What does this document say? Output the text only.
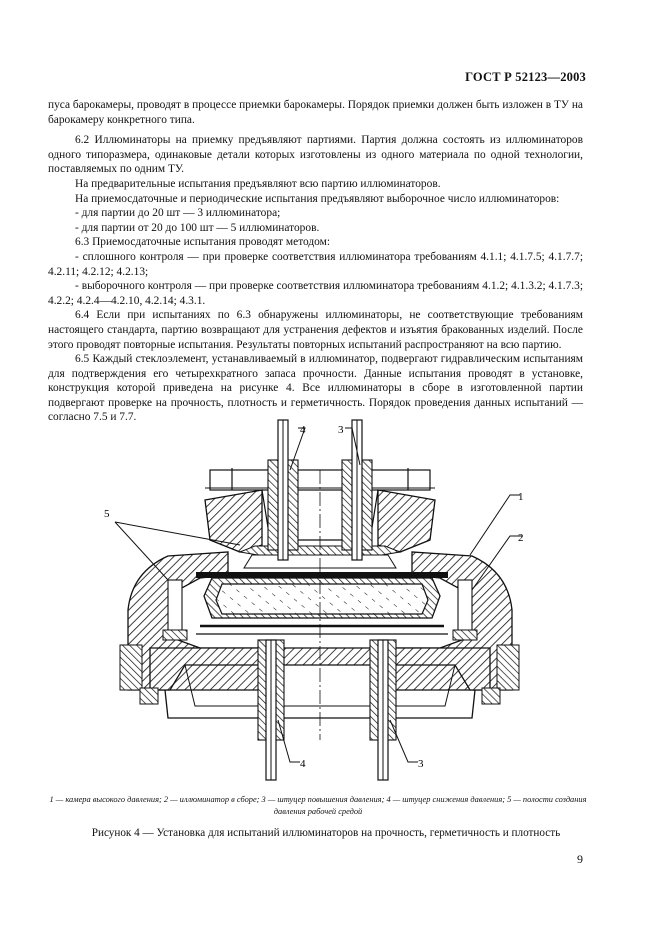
ГОСТ Р 52123—2003

пуса барокамеры, проводят в процессе приемки барокамеры. Порядок приемки должен быть изложен в ТУ на барокамеру конкретного типа.

6.2 Иллюминаторы на приемку предъявляют партиями. Партия должна состоять из иллюминаторов одного типоразмера, одинаковые детали которых изготовлены из одного материала по одной технологии, поставляемых по одним ТУ.

На предварительные испытания предъявляют всю партию иллюминаторов.

На приемосдаточные и периодические испытания предъявляют выборочное число иллюминаторов:

- для партии до 20 шт — 3 иллюминатора;

- для партии от 20 до 100 шт — 5 иллюминаторов.

6.3 Приемосдаточные испытания проводят методом:

- сплошного контроля — при проверке соответствия иллюминатора требованиям 4.1.1; 4.1.7.5; 4.1.7.7; 4.2.11; 4.2.12; 4.2.13;

- выборочного контроля — при проверке соответствия иллюминатора требованиям 4.1.2; 4.1.3.2; 4.1.7.3; 4.2.2; 4.2.4—4.2.10, 4.2.14; 4.3.1.

6.4 Если при испытаниях по 6.3 обнаружены иллюминаторы, не соответствующие требованиям настоящего стандарта, партию возвращают для устранения дефектов и изъятия бракованных изделий. После этого проводят повторные испытания. Результаты повторных испытаний распространяют на всю партию.

6.5 Каждый стеклоэлемент, устанавливаемый в иллюминатор, подвергают гидравлическим испытаниям для подтверждения его четырехкратного запаса прочности. Данные испытания проводят в установке, конструкция которой приведена на рисунке 4. Все иллюминаторы в сборе в изготовленной партии подвергают проверке на прочность, плотность и герметичность. Порядок проведения данных испытаний — согласно 7.5 и 7.7.

4	3
1
2
5
4	3
1 — камера высокого давления; 2 — иллюминатор в сборе; 3 — штуцер повышения давления; 4 — штуцер снижения давления; 5 — полости создания давления рабочей средой
Рисунок 4 — Установка для испытаний иллюминаторов на прочность, герметичность и плотность
9
